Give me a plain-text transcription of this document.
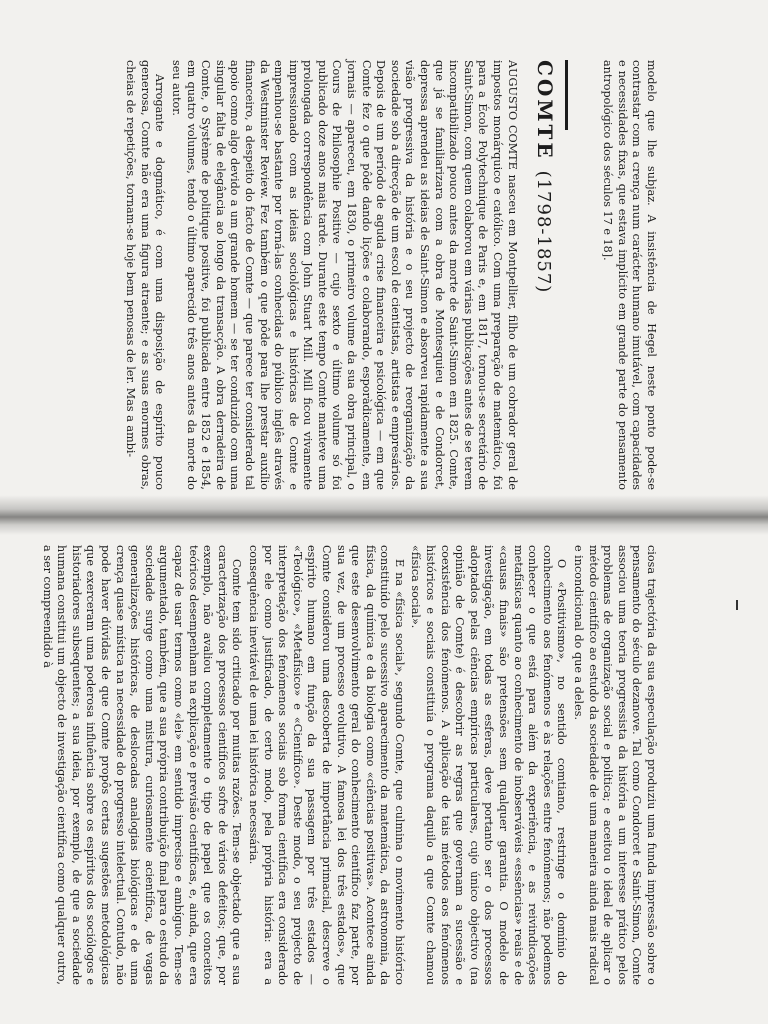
modelo que lhe subjaz. A insistência de Hegel neste ponto pode-se contrastar com a crença num carácter humano imutável, com capacidades e necessidades fixas, que estava implícito em grande parte do pensamento antropológico dos séculos 17 e 18].

COMTE (1798-1857)

AUGUSTO COMTE nasceu em Montpellier, filho de um cobrador geral de impostos monárquico e católico. Com uma preparação de matemático, foi para a École Polytechnique de Paris e, em 1817, tornou-se secretário de Saint-Simon, com quem colaborou em várias publicações antes de se terem incompatibilizado pouco antes da morte de Saint-Simon em 1825. Comte, que já se familiarizara com a obra de Montesquieu e de Condorcet, depressa aprendeu as ideias de Saint-Simon e absorveu rapidamente a sua visão progressiva da história e o seu projecto de reorganização da sociedade sob a direcção de um escol de cientistas, artistas e empresários. Depois de um período de aguda crise financeira e psicológica — em que Comte fez o que pôde dando lições e colaborando, esporàdicamente, em jornais — apareceu, em 1830, o primeiro volume da sua obra principal, o Cours de Philosophie Positive — cujo sexto e último volume só foi publicado doze anos mais tarde. Durante este tempo Comte manteve uma prolongada correspondência com John Stuart Mill. Mill ficou vivamente impressionado com as ideias sociológicas e históricas de Comte e empenhou-se bastante por torná-las conhecidas do público inglês através da Westminster Review. Fez também o que pôde para lhe prestar auxílio financeiro, a despeito do facto de Comte — que parece ter considerado tal apoio como algo devido a um grande homem — se ter conduzido com uma singular falta de elegância ao longo da transacção. A obra derradeira de Comte, o Système de politique positive, foi publicada entre 1852 e 1854, em quatro volumes, tendo o último aparecido três anos antes da morte do seu autor.

Arrogante e dogmático, é com uma disposição de espírito pouco generosa, Comte não era uma figura atraente; e as suas enormes obras, cheias de repetições, tornam-se hoje bem penosas de ler. Mas a ambi-

ciosa trajectória da sua especulação produziu uma funda impressão sobre o pensamento do século dezanove. Tal como Condorcet e Saint-Simon, Comte associou uma teoria progressista da história a um interesse prático pelos problemas de organização social e política; e aceitou o ideal de aplicar o método científico ao estudo da sociedade de uma maneira ainda mais radical e incondicional do que a deles.

O «Positivismo», no sentido comtiano, restringe o domínio do conhecimento aos fenómenos e às relações entre fenómenos; não podemos conhecer o que está para além da experiência, e as reivindicações metafísicas quanto ao conhecimento de inobserváveis «essências» reais e de «causas finais» são pretensões sem qualquer garantia. O modelo de investigação, em todas as esferas, deve portanto ser o dos processos adoptados pelas ciências empíricas particulares, cujo único objectivo (na opinião de Comte) é descobrir as regras que governam a sucessão e coexistência dos fenómenos. A aplicação de tais métodos aos fenómenos históricos e sociais constituía o programa daquilo a que Comte chamou «física social».

E na «física social», segundo Comte, que culmina o movimento histórico constituído pelo sucessivo aparecimento da matemática, da astronomia, da física, da química e da biologia como «ciências positivas». Acontece ainda que este desenvolvimento geral do conhecimento científico faz parte, por sua vez, de um processo evolutivo. A famosa lei dos três estados», que Comte considerou uma descoberta de importância primacial, descreve o espírito humano em função da sua passagem por três estados — «Teológico», «Metafísico» e «Científico». Deste modo, o seu projecto de interpretação dos fenómenos sociais sob forma científica era considerado por ele como justificado, de certo modo, pela própria história: era a consequência inevitável de uma lei histórica necessária.

Comte tem sido criticado por muitas razões. Tem-se objectado que a sua caracterização dos processos científicos sofre de vários defeitos; que, por exemplo, não avaliou completamente o tipo de papel que os conceitos teóricos desempenham na explicação e previsão científicas, e, ainda, que era capaz de usar termos como «lei» em sentido impreciso e ambíguo. Tem-se argumentado, também, que a sua própria contribuição final para o estudo da sociedade surge como uma mistura, curiosamente acientífica, de vagas generalizações históricas, de deslocadas analogias biológicas e de uma crença quase mística na necessidade do progresso intelectual. Contudo, não pode haver dúvidas de que Comte propôs certas sugestões metodológicas que exerceram uma poderosa influência sobre os espíritos dos sociólogos e historiadores subsequentes; a sua ideia, por exemplo, de que a sociedade humana constitui um objecto de investigação científica como qualquer outro, a ser compreendido à
